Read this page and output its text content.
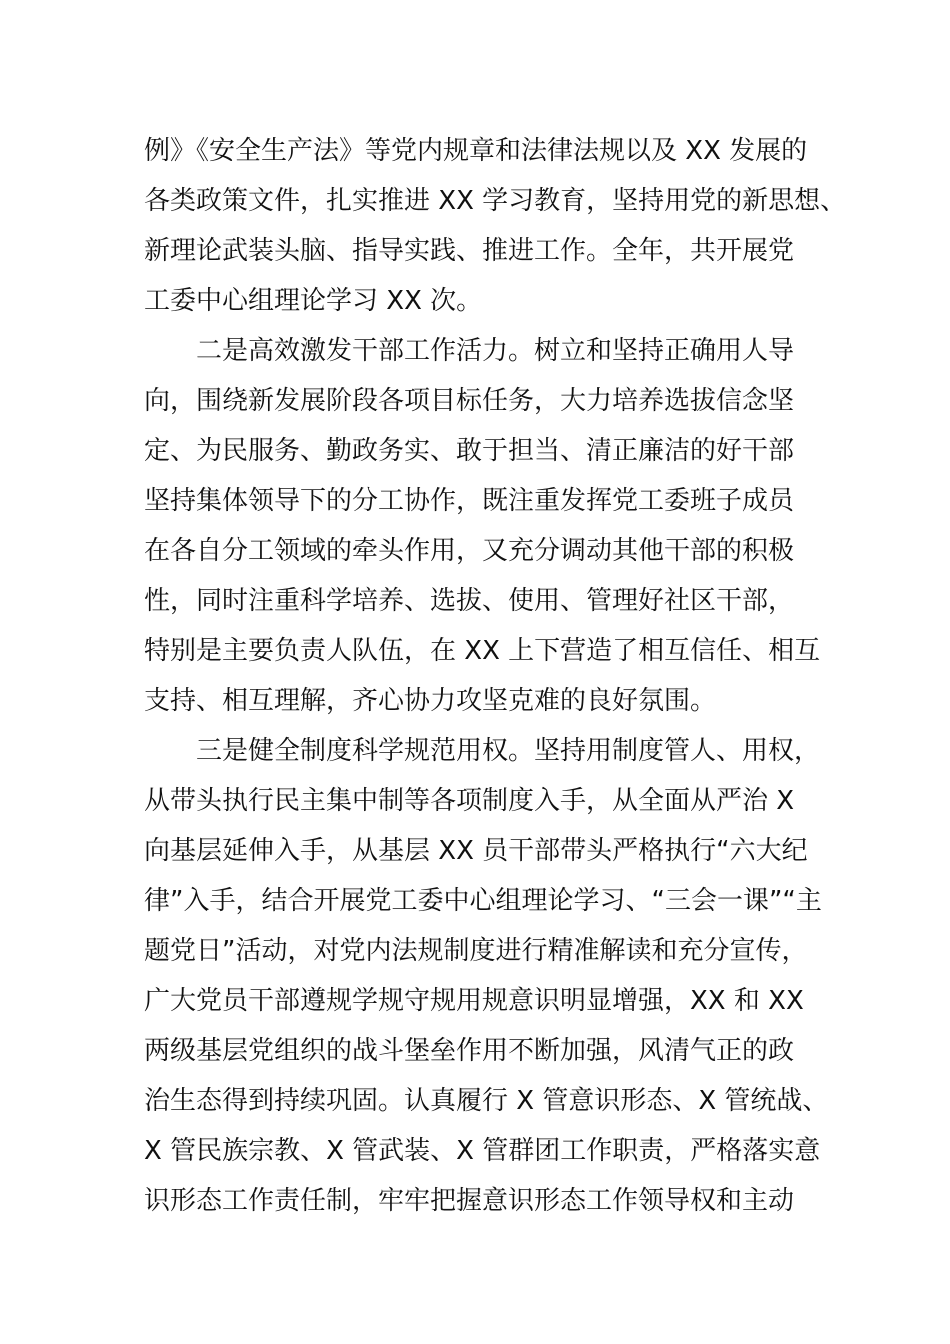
例》《安全生产法》等党内规章和法律法规以及 XX 发展的
各类政策文件，扎实推进 XX 学习教育，坚持用党的新思想、
新理论武装头脑、指导实践、推进工作。全年，共开展党
工委中心组理论学习 XX 次。
二是高效激发干部工作活力。树立和坚持正确用人导
向，围绕新发展阶段各项目标任务，大力培养选拔信念坚
定、为民服务、勤政务实、敢于担当、清正廉洁的好干部
坚持集体领导下的分工协作，既注重发挥党工委班子成员
在各自分工领域的牵头作用，又充分调动其他干部的积极
性，同时注重科学培养、选拔、使用、管理好社区干部，
特别是主要负责人队伍，在 XX 上下营造了相互信任、相互
支持、相互理解，齐心协力攻坚克难的良好氛围。
三是健全制度科学规范用权。坚持用制度管人、用权，
从带头执行民主集中制等各项制度入手，从全面从严治 X
向基层延伸入手，从基层 XX 员干部带头严格执行“六大纪
律”入手，结合开展党工委中心组理论学习、“三会一课”“主
题党日”活动，对党内法规制度进行精准解读和充分宣传，
广大党员干部遵规学规守规用规意识明显增强，XX 和 XX
两级基层党组织的战斗堡垒作用不断加强，风清气正的政
治生态得到持续巩固。认真履行 X 管意识形态、X 管统战、
X 管民族宗教、X 管武装、X 管群团工作职责，严格落实意
识形态工作责任制，牢牢把握意识形态工作领导权和主动
